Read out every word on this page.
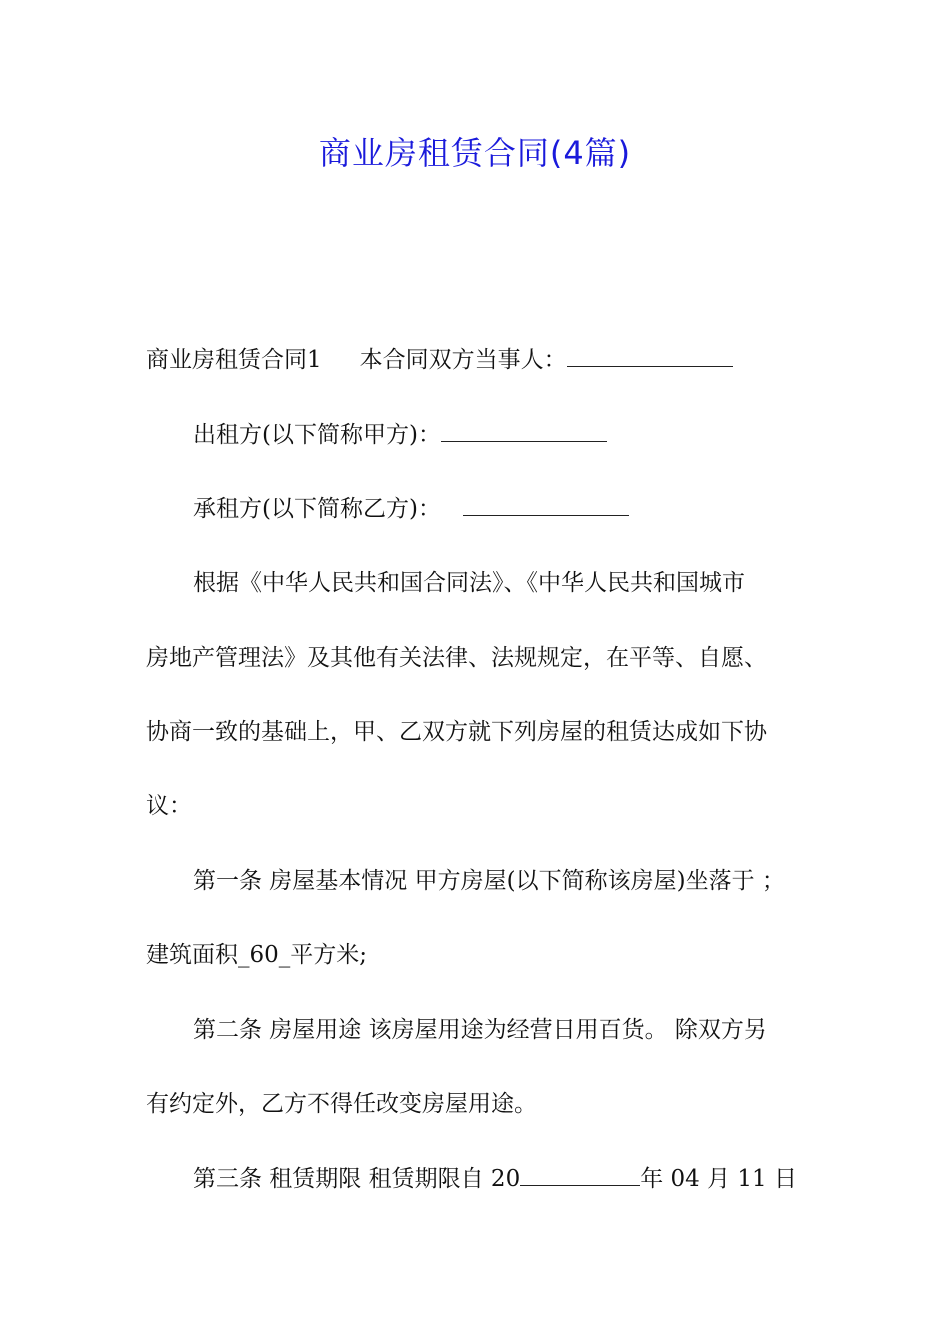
商业房租赁合同(4篇)
商业房租赁合同1 本合同双方当事人：
出租方(以下简称甲方)：
承租方(以下简称乙方)：
根据《中华人民共和国合同法》、《中华人民共和国城市
房地产管理法》及其他有关法律、法规规定，在平等、自愿、
协商一致的基础上，甲、乙双方就下列房屋的租赁达成如下协
议：
第一条 房屋基本情况 甲方房屋(以下简称该房屋)坐落于 ；
建筑面积_60_平方米;
第二条 房屋用途 该房屋用途为经营日用百货。 除双方另
有约定外，乙方不得任改变房屋用途。
第三条 租赁期限 租赁期限自 20	年 04 月 11 日
